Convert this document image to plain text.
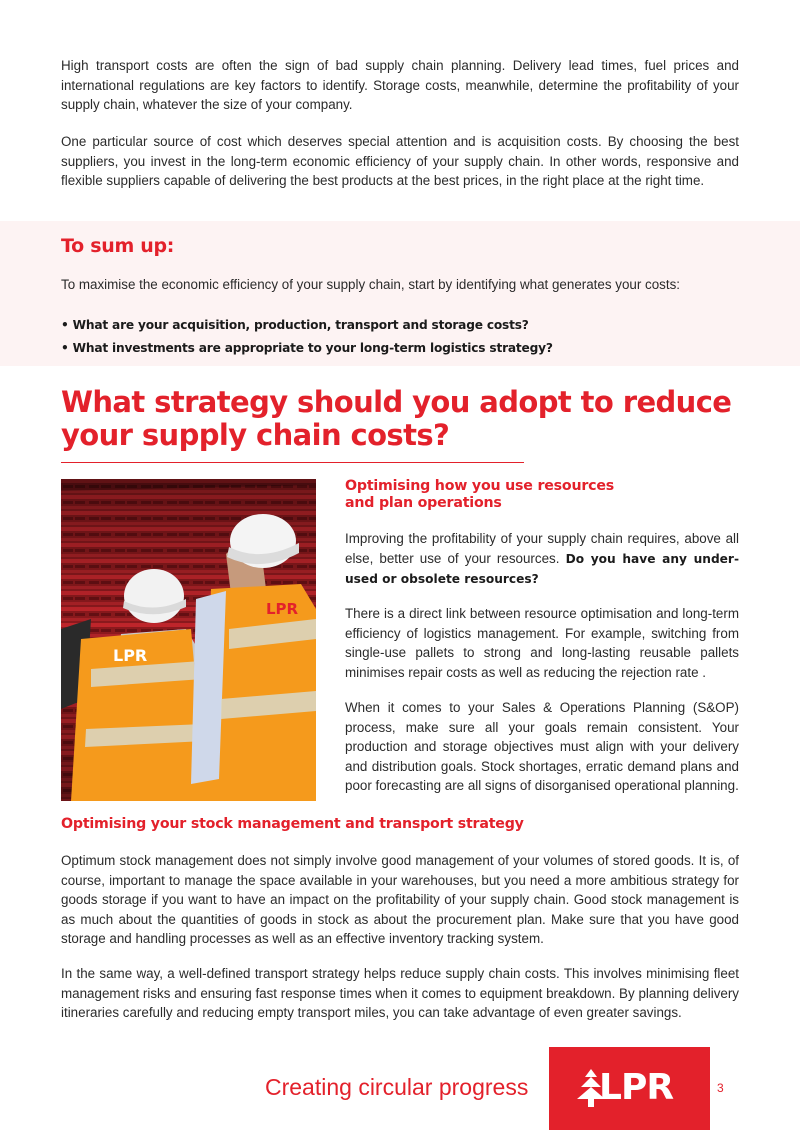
High transport costs are often the sign of bad supply chain planning. Delivery lead times, fuel prices and international regulations are key factors to identify. Storage costs, meanwhile, determine the profitability of your supply chain, whatever the size of your company.

One particular source of cost which deserves special attention and is acquisition costs. By choosing the best suppliers, you invest in the long-term economic efficiency of your supply chain. In other words, responsive and flexible suppliers capable of delivering the best products at the best prices, in the right place at the right time.

To sum up:

To maximise the economic efficiency of your supply chain, start by identifying what generates your costs:

• What are your acquisition, production, transport and storage costs?
• What investments are appropriate to your long-term logistics strategy?
What strategy should you adopt to reduce your supply chain costs?
LPR
LPR
Optimising how you use resources and plan operations

Improving the profitability of your supply chain requires, above all else, better use of your resources. Do you have any under-used or obsolete resources?

There is a direct link between resource optimisation and long-term efficiency of logistics management. For example, switching from single-use pallets to strong and long-lasting reusable pallets minimises repair costs as well as reducing the rejection rate .

When it comes to your Sales & Operations Planning (S&OP) process, make sure all your goals remain consistent. Your production and storage objectives must align with your delivery and distribution goals. Stock shortages, erratic demand plans and poor forecasting are all signs of disorganised operational planning.

Optimising your stock management and transport strategy

Optimum stock management does not simply involve good management of your volumes of stored goods. It is, of course, important to manage the space available in your warehouses, but you need a more ambitious strategy for goods storage if you want to have an impact on the profitability of your supply chain. Good stock management is as much about the quantities of goods in stock as about the procurement plan. Make sure that you have good storage and handling processes as well as an effective inventory tracking system.

In the same way, a well-defined transport strategy helps reduce supply chain costs. This involves minimising fleet management risks and ensuring fast response times when it comes to equipment breakdown. By planning delivery itineraries carefully and reducing empty transport miles, you can take advantage of even greater savings.

Creating circular progress LPR	3
